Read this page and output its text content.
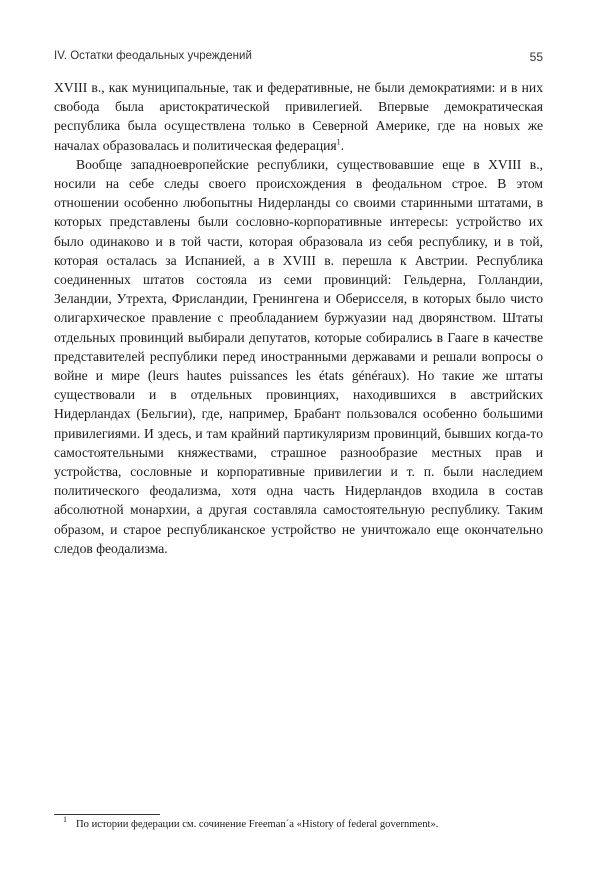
IV. Остатки феодальных учреждений	55

XVIII в., как муниципальные, так и федеративные, не были демократиями: и в них свобода была аристократической привилегией. Впервые демократическая республика была осуществлена только в Северной Америке, где на новых же началах образовалась и политическая федерация$^1$.

Вообще западноевропейские республики, существовавшие еще в XVIII в., носили на себе следы своего происхождения в феодальном строе. В этом отношении особенно любопытны Нидерланды со своими старинными штатами, в которых представлены были сословно-корпоративные интересы: устройство их было одинаково и в той части, которая образовала из себя республику, и в той, которая осталась за Испанией, а в XVIII в. перешла к Австрии. Республика соединенных штатов состояла из семи провинций: Гельдерна, Голландии, Зеландии, Утрехта, Фрисландии, Гренингена и Оберисселя, в которых было чисто олигархическое правление с преобладанием буржуазии над дворянством. Штаты отдельных провинций выбирали депутатов, которые собирались в Гааге в качестве представителей республики перед иностранными державами и решали вопросы о войне и мире (leurs hautes puissances les états généraux). Но такие же штаты существовали и в отдельных провинциях, находившихся в австрийских Нидерландах (Бельгии), где, например, Брабант пользовался особенно большими привилегиями. И здесь, и там крайний партикуляризм провинций, бывших когда-то самостоятельными княжествами, страшное разнообразие местных прав и устройства, сословные и корпоративные привилегии и т. п. были наследием политического феодализма, хотя одна часть Нидерландов входила в состав абсолютной монархии, а другая составляла самостоятельную республику. Таким образом, и старое республиканское устройство не уничтожало еще окончательно следов феодализма.

1 По истории федерации см. сочинение Freeman´a «History of federal government».
